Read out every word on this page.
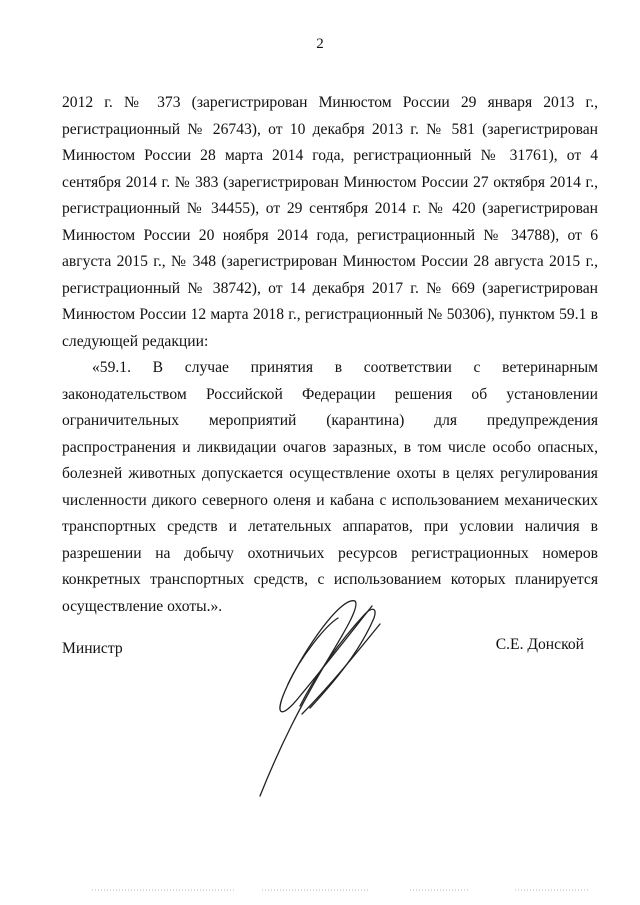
2

2012 г. № 373 (зарегистрирован Минюстом России 29 января 2013 г., регистрационный № 26743), от 10 декабря 2013 г. № 581 (зарегистрирован Минюстом России 28 марта 2014 года, регистрационный № 31761), от 4 сентября 2014 г. № 383 (зарегистрирован Минюстом России 27 октября 2014 г., регистрационный № 34455), от 29 сентября 2014 г. № 420 (зарегистрирован Минюстом России 20 ноября 2014 года, регистрационный № 34788), от 6 августа 2015 г., № 348 (зарегистрирован Минюстом России 28 августа 2015 г., регистрационный № 38742), от 14 декабря 2017 г. № 669 (зарегистрирован Минюстом России 12 марта 2018 г., регистрационный № 50306), пунктом 59.1 в следующей редакции:

«59.1. В случае принятия в соответствии с ветеринарным законодательством Российской Федерации решения об установлении ограничительных мероприятий (карантина) для предупреждения распространения и ликвидации очагов заразных, в том числе особо опасных, болезней животных допускается осуществление охоты в целях регулирования численности дикого северного оленя и кабана с использованием механических транспортных средств и летательных аппаратов, при условии наличия в разрешении на добычу охотничьих ресурсов регистрационных номеров конкретных транспортных средств, с использованием которых планируется осуществление охоты.».

Министр	С.Е. Донской
